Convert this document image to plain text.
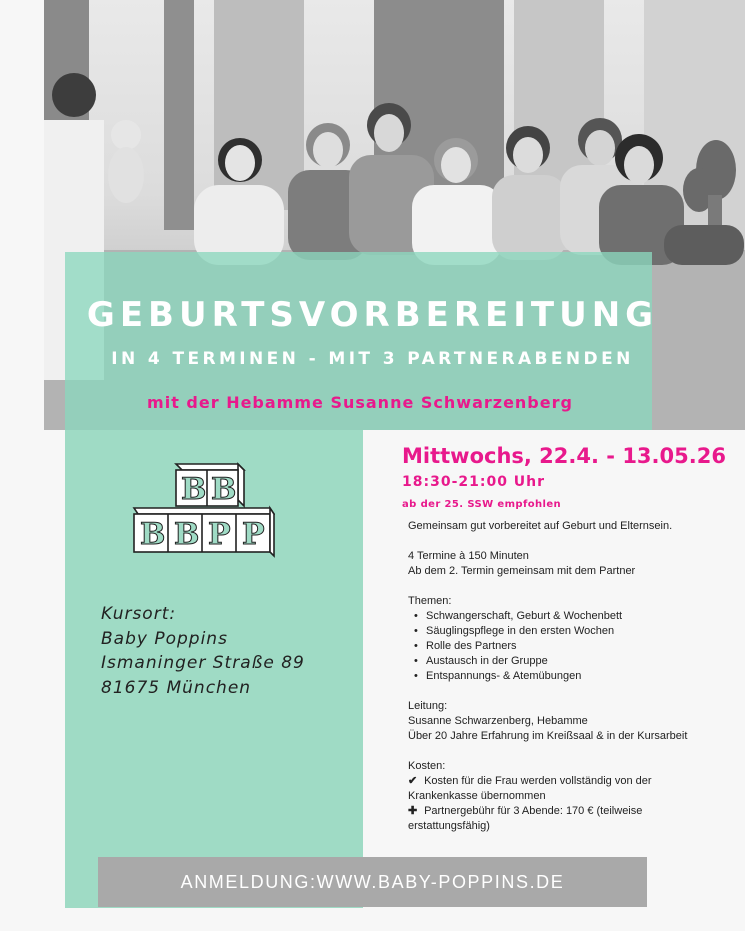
GEBURTSVORBEREITUNG
IN 4 TERMINEN - MIT 3 PARTNERABENDEN
mit der Hebamme Susanne Schwarzenberg
B B
B B P P
Kursort:
Baby Poppins
Ismaninger Straße 89
81675 München
Mittwochs, 22.4. - 13.05.26
18:30-21:00 Uhr
ab der 25. SSW empfohlen

Gemeinsam gut vorbereitet auf Geburt und Elternsein.

4 Termine à 150 Minuten

Ab dem 2. Termin gemeinsam mit dem Partner

Themen:

• Schwangerschaft, Geburt & Wochenbett
• Säuglingspflege in den ersten Wochen
• Rolle des Partners
• Austausch in der Gruppe
• Entspannungs- & Atemübungen

Leitung:

Susanne Schwarzenberg, Hebamme

Über 20 Jahre Erfahrung im Kreißsaal & in der Kursarbeit

Kosten:

✔ Kosten für die Frau werden vollständig von der Krankenkasse übernommen

✚ Partnergebühr für 3 Abende: 170 € (teilweise erstattungsfähig)

ANMELDUNG:WWW.BABY-POPPINS.DE
